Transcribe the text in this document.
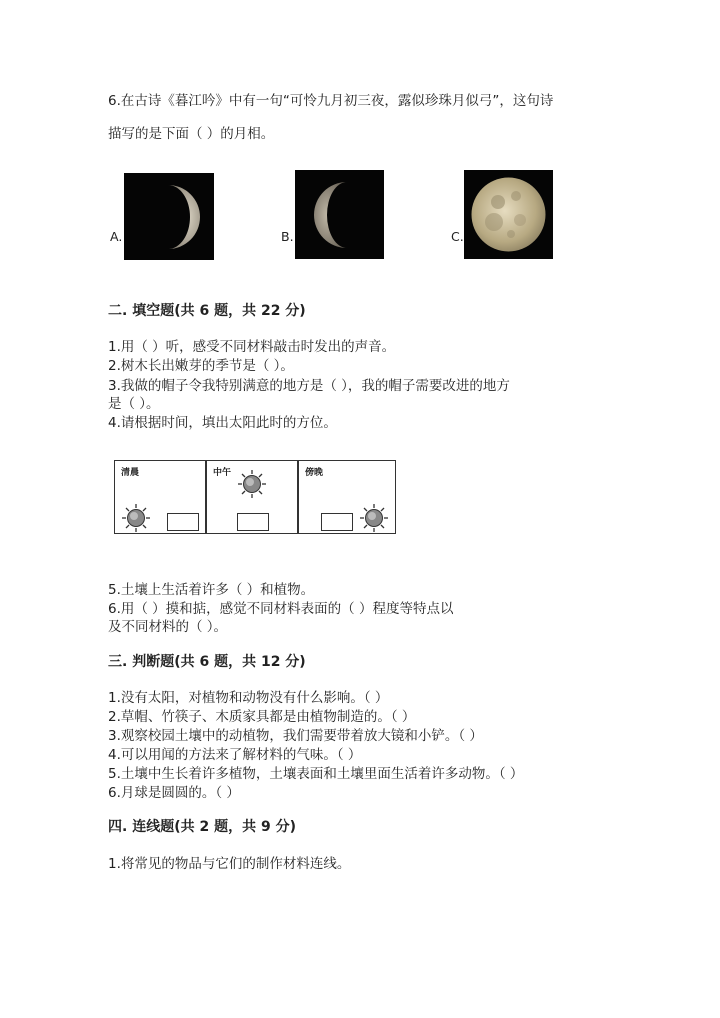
6.在古诗《暮江吟》中有一句“可怜九月初三夜，露似珍珠月似弓”，这句诗
描写的是下面（ ）的月相。
A.	B.	C.
二. 填空题(共 6 题，共 22 分)
1.用（ ）听，感受不同材料敲击时发出的声音。
2.树木长出嫩芽的季节是（ ）。
3.我做的帽子令我特别满意的地方是（ ），我的帽子需要改进的地方
是（ ）。
4.请根据时间，填出太阳此时的方位。
清晨	中午	傍晚
5.土壤上生活着许多（ ）和植物。
6.用（ ）摸和掂，感觉不同材料表面的（ ）程度等特点以
及不同材料的（ ）。
三. 判断题(共 6 题，共 12 分)
1.没有太阳，对植物和动物没有什么影响。（ ）
2.草帽、竹筷子、木质家具都是由植物制造的。（ ）
3.观察校园土壤中的动植物，我们需要带着放大镜和小铲。（ ）
4.可以用闻的方法来了解材料的气味。（ ）
5.土壤中生长着许多植物，土壤表面和土壤里面生活着许多动物。（ ）
6.月球是圆圆的。（ ）
四. 连线题(共 2 题，共 9 分)
1.将常见的物品与它们的制作材料连线。
